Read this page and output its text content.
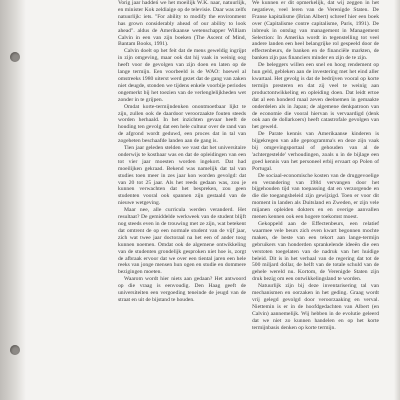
Vorig jaar haddeń we het moeilijk W.K. naar, natuurlijk, en minister Kok zeldiaige op de televisie. Daar was zelfs natuurlijk: iets. "For ability to modify the environment has grown considerably ahead of our ability to look ahead". aldus de Amerikaanse wetenschapper William Calvin in een van zijn boeken (The Ascent of Mind, Bantam Books, 1991).

Calvin doelt op het feit dat de mens geweldig ingrijpt in zijn omgeving, maar ook dat hij vaak in weinig oog heeft voor de gevolgen van zijn doen en laten op de lange termijn. Een voorbeeld is de WAO: hoewel al omstreeks 1980 uiterst werd gezet dat de gang van zaken niet deugde, stonden we tijdens enkele voorbije periodes ongemerkt bij het toezien van de verlenglelijkheden wet zonder in te grijpen.

Omdat korte-termijndenken onontmoetbaar lijkt te zijn, zullen ook de daardoor veroorzaakte fouten steeds worden herhaald. In het inzichten gevaar heeft de houding ten gevolg dat een hele cultuur over de rand van de afgrond wordt geduwd, een proces dat in tal van zogeheten beschaafde landen aan de gang is.

Tien jaar geleden stelden we vast dat het universitaire onderwijs te kostbaar was en dat de opleidingen van een tot vier jaar moesten worden ingekort. Dat had moeilijken gekraad. Bekend was namelijk dat tal van studies toen meer in zes jaar kon worden gevolgd: dat van 20 tot 25 jaar. Als het reeds gedaan was, zou je kunnen verwachten dat het bespreken, zou geen studenten vooral ook spannen zijn gestaald van de nieuwe wetgeving.

Maar nee, alle curricula werden veranderd. Het resultaat? De gemiddelde werkweek van de student blijft nog steeds even in de trouwing met ze zijn, wat betekent dat omtrent de op een normale student van de vijf jaar, zich wat twee jaar doctoraal na het een of ander toog kunnen noemen. Omdat ook de algemene ontwikkeling van de studenten grondelijk gesproken niet hoe is, zorgt de afbraak ervoor dat we over een tiental jaren een hele reeks van jonge mensen hun ogen en studie en dommere bezigingen moeten.

Waarom wordt hier niets aan gedaan? Het antwoord op die vraag is eenvoudig. Den Haag geeft de universiteiten een vergoeding teneinde de jeugd van de straat en uit de bijstand te houden.

We kunnen er dit opmerkelijk, dat wij zeggen in het negatieve, veel leren van de Verenigde Staten. De Franse kapitalisme (Brian Albert) schreef hier een boek over (Capitalisme contre capitalisme, Paris, 1991). De inbreuk in ontslag van management in Management Selection: In Amerika wordt in tegenstelling tot veel andere landen een heel belangrijke rol gespeeld door de effectenbeurs, de banken en de financiële markten, de banken zijn pas financiers minder en zijn de te zijn.

De beleggers willen een snel en hoog rendement op hun geld, gebleken aan de investering met het eind aller kwartaal. Het gevolg is dat de bedrijven vooral op korte termijn presteren en dat zij veel te weinig aan productontwikkeling en opleiding doen. Dat leidt ertoe dat al een honderd maal zeven deelnemen in gemaakte onderdelen als in Japan; de algemene denkpatroon van de economie die vooral hiervan is vervaardigd (denk ook aan de dollarkoers) heeft catastrofale gevolgen van het geweld.

De Parate kennis van Amerikaanse kinderen is bijgekregen van alle geprogramma's en deze zijn vaak bij omgevingsportaal of gehouden van al de 'achtergestelde' verhoudingen, zoals u in de bijlage een goed kennis van het personeel erbij ervaart op Polen of Portugal.

De sociaal-economische kosten van de druggevoelige en verandering van 1984 vervangen door het bijgehouden tijd van toepassing dat en verzorgende en die die toegangsbeleid zijn gewijzigd. Toen er voor dit moment in landen als Duitsland en Zweden, er zijn vele mijanen opleiden dokters en en overige aanvallen menen kennen ook een hogere toekomst moest.

Gekoppeld aan de Effectenbeurs, een relatief waarmee vele beurs zich even kwart begonnen mochte maken, de beste van een tekort aan lange-termijn gebruikers van honderden sprankelende ideeën die een verstoten toegelaten van de nadruk van het huidige beleid. Dit is in het verhaal van de regering dat tot de 500 miljard dollar, de helft van de totale schuld van de gehele wereld nu. Kortom, de Verenigde Staten zijn druk bezig om een ontwikkelingsland te worden.

Natuurlijk zijn bij deze inventarisering tal van mechanismen en oorzaken in het geding. Graag wordt vrij gelegd gevolgd door veroorzaaking en verval. Niettemin is er in de hoofdgedachten van Albert (en Calvin) aannemelijk. Wij hebben in de evolutie geleerd dat we niet zo kunnen handelen en op het korte termijnbasis denken op korte termijn.
